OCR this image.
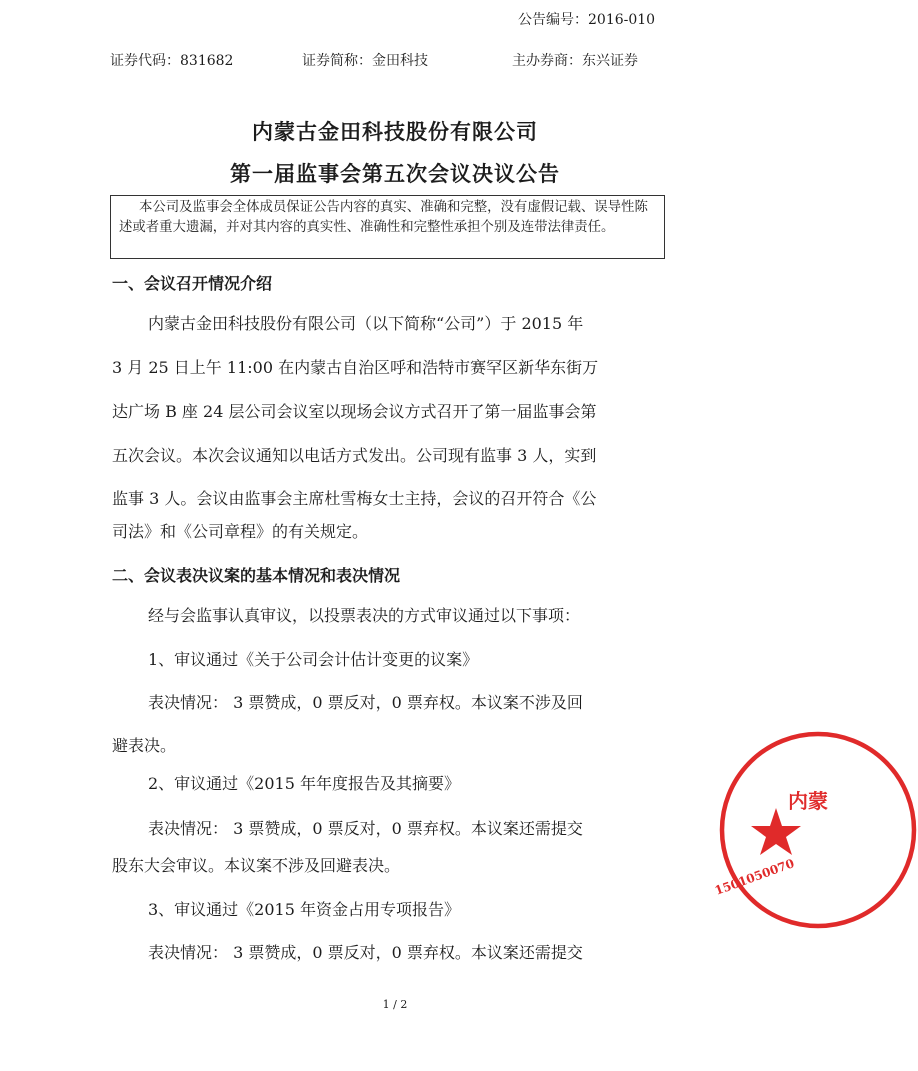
公告编号：2016-010
证券代码：831682	证券简称：金田科技	主办券商：东兴证券
内蒙古金田科技股份有限公司
第一届监事会第五次会议决议公告
本公司及监事会全体成员保证公告内容的真实、准确和完整，没有虚假记载、误导性陈述或者重大遗漏，并对其内容的真实性、准确性和完整性承担个别及连带法律责任。
一、会议召开情况介绍
内蒙古金田科技股份有限公司（以下简称“公司”）于 2015 年
3 月 25 日上午 11:00 在内蒙古自治区呼和浩特市赛罕区新华东街万
达广场 B 座 24 层公司会议室以现场会议方式召开了第一届监事会第
五次会议。本次会议通知以电话方式发出。公司现有监事 3 人，实到
监事 3 人。会议由监事会主席杜雪梅女士主持，会议的召开符合《公
司法》和《公司章程》的有关规定。
二、会议表决议案的基本情况和表决情况
经与会监事认真审议，以投票表决的方式审议通过以下事项：
1、审议通过《关于公司会计估计变更的议案》
表决情况： 3 票赞成，0 票反对，0 票弃权。本议案不涉及回
避表决。
2、审议通过《2015 年年度报告及其摘要》
表决情况： 3 票赞成，0 票反对，0 票弃权。本议案还需提交
股东大会审议。本议案不涉及回避表决。
3、审议通过《2015 年资金占用专项报告》
表决情况： 3 票赞成，0 票反对，0 票弃权。本议案还需提交
1 / 2
内蒙
1501050070
